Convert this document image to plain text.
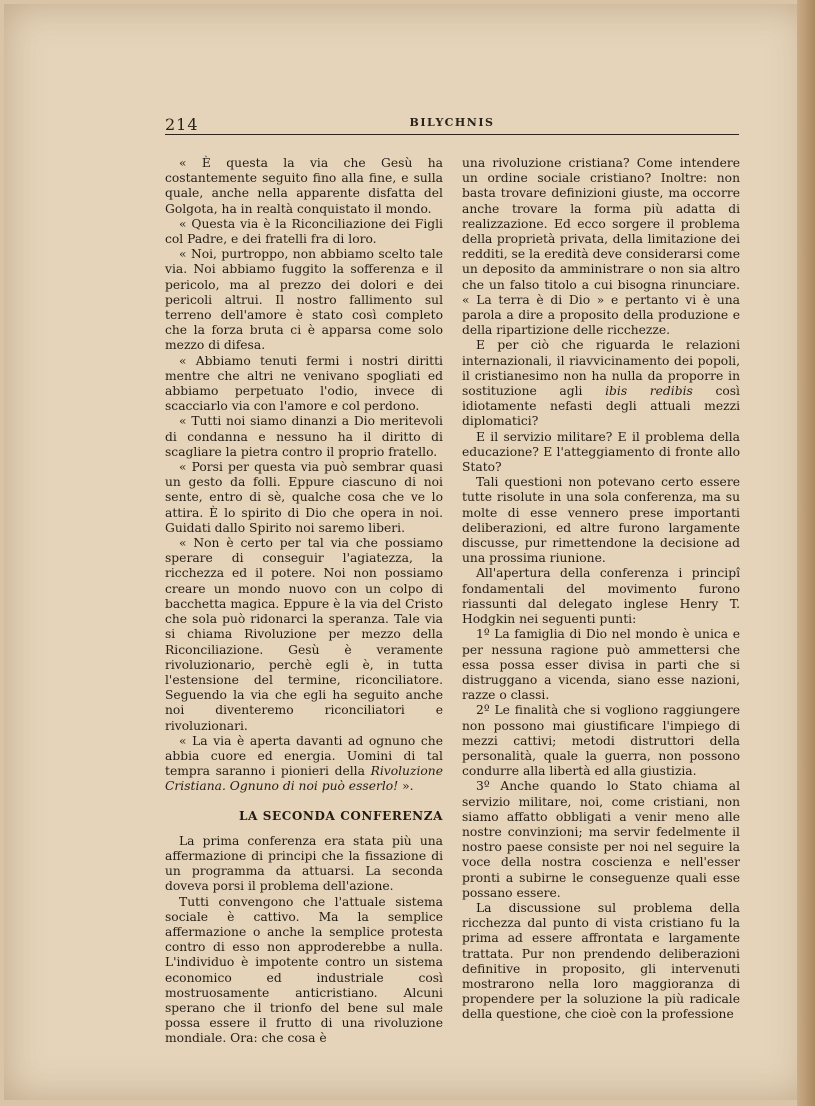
214	BILYCHNIS

« È questa la via che Gesù ha costantemente seguito fino alla fine, e sulla quale, anche nella apparente disfatta del Golgota, ha in realtà conquistato il mondo.

« Questa via è la Riconciliazione dei Figli col Padre, e dei fratelli fra di loro.

« Noi, purtroppo, non abbiamo scelto tale via. Noi abbiamo fuggito la sofferenza e il pericolo, ma al prezzo dei dolori e dei pericoli altrui. Il nostro fallimento sul terreno dell'amore è stato così completo che la forza bruta ci è apparsa come solo mezzo di difesa.

« Abbiamo tenuti fermi i nostri diritti mentre che altri ne venivano spogliati ed abbiamo perpetuato l'odio, invece di scacciarlo via con l'amore e col perdono.

« Tutti noi siamo dinanzi a Dio meritevoli di condanna e nessuno ha il diritto di scagliare la pietra contro il proprio fratello.

« Porsi per questa via può sembrar quasi un gesto da folli. Eppure ciascuno di noi sente, entro di sè, qualche cosa che ve lo attira. È lo spirito di Dio che opera in noi. Guidati dallo Spirito noi saremo liberi.

« Non è certo per tal via che possiamo sperare di conseguir l'agiatezza, la ricchezza ed il potere. Noi non possiamo creare un mondo nuovo con un colpo di bacchetta magica. Eppure è la via del Cristo che sola può ridonarci la speranza. Tale via si chiama Rivoluzione per mezzo della Riconciliazione. Gesù è veramente rivoluzionario, perchè egli è, in tutta l'estensione del termine, riconciliatore. Seguendo la via che egli ha seguito anche noi diventeremo riconciliatori e rivoluzionari.

« La via è aperta davanti ad ognuno che abbia cuore ed energia. Uomini di tal tempra saranno i pionieri della Rivoluzione Cristiana. Ognuno di noi può esserlo! ».

LA SECONDA CONFERENZA

La prima conferenza era stata più una affermazione di principi che la fissazione di un programma da attuarsi. La seconda doveva porsi il problema dell'azione.

Tutti convengono che l'attuale sistema sociale è cattivo. Ma la semplice affermazione o anche la semplice protesta contro di esso non approderebbe a nulla. L'individuo è impotente contro un sistema economico ed industriale così mostruosamente anticristiano. Alcuni sperano che il trionfo del bene sul male possa essere il frutto di una rivoluzione mondiale. Ora: che cosa è

una rivoluzione cristiana? Come intendere un ordine sociale cristiano? Inoltre: non basta trovare definizioni giuste, ma occorre anche trovare la forma più adatta di realizzazione. Ed ecco sorgere il problema della proprietà privata, della limitazione dei redditi, se la eredità deve considerarsi come un deposito da amministrare o non sia altro che un falso titolo a cui bisogna rinunciare. « La terra è di Dio » e pertanto vi è una parola a dire a proposito della produzione e della ripartizione delle ricchezze.

E per ciò che riguarda le relazioni internazionali, il riavvicinamento dei popoli, il cristianesimo non ha nulla da proporre in sostituzione agli ibis redibis così idiotamente nefasti degli attuali mezzi diplomatici?

E il servizio militare? E il problema della educazione? E l'atteggiamento di fronte allo Stato?

Tali questioni non potevano certo essere tutte risolute in una sola conferenza, ma su molte di esse vennero prese importanti deliberazioni, ed altre furono largamente discusse, pur rimettendone la decisione ad una prossima riunione.

All'apertura della conferenza i principî fondamentali del movimento furono riassunti dal delegato inglese Henry T. Hodgkin nei seguenti punti:

1º La famiglia di Dio nel mondo è unica e per nessuna ragione può ammettersi che essa possa esser divisa in parti che si distruggano a vicenda, siano esse nazioni, razze o classi.

2º Le finalità che si vogliono raggiungere non possono mai giustificare l'impiego di mezzi cattivi; metodi distruttori della personalità, quale la guerra, non possono condurre alla libertà ed alla giustizia.

3º Anche quando lo Stato chiama al servizio militare, noi, come cristiani, non siamo affatto obbligati a venir meno alle nostre convinzioni; ma servir fedelmente il nostro paese consiste per noi nel seguire la voce della nostra coscienza e nell'esser pronti a subirne le conseguenze quali esse possano essere.

La discussione sul problema della ricchezza dal punto di vista cristiano fu la prima ad essere affrontata e largamente trattata. Pur non prendendo deliberazioni definitive in proposito, gli intervenuti mostrarono nella loro maggioranza di propendere per la soluzione la più radicale della questione, che cioè con la professione
